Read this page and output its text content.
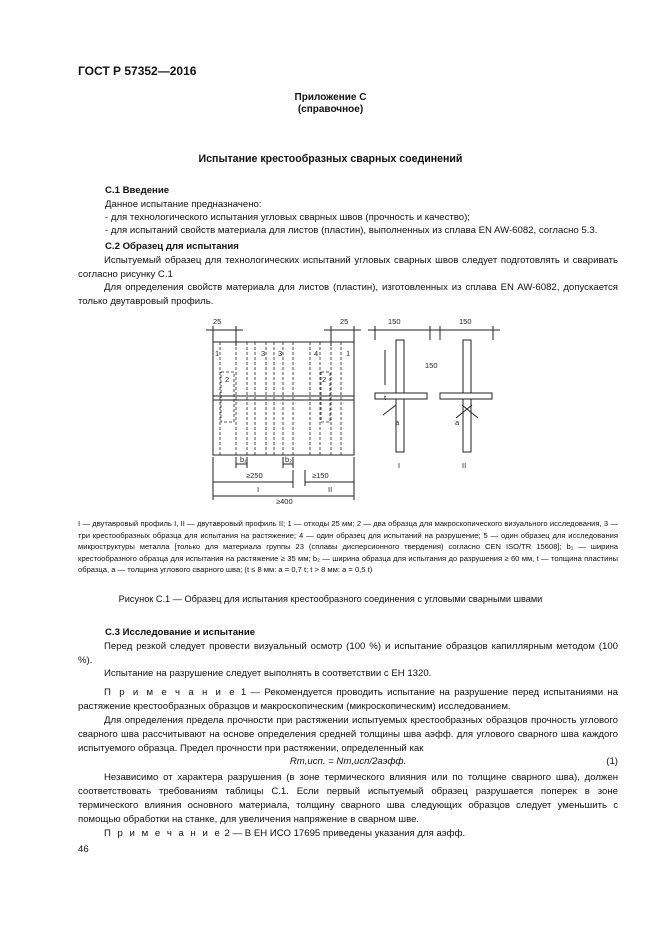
ГОСТ Р 57352—2016
Приложение С
(справочное)
Испытание крестообразных сварных соединений
С.1 Введение
Данное испытание предназначено:
- для технологического испытания угловых сварных швов (прочность и качество);
- для испытаний свойств материала для листов (пластин), выполненных из сплава EN AW-6082, согласно 5.3.
С.2 Образец для испытания
Испытуемый образец для технологических испытаний угловых сварных швов следует подготовлять и сваривать согласно рисунку С.1
Для определения свойств материала для листов (пластин), изготовленных из сплава EN AW-6082, допускается только двутавровый профиль.
25	25	150	150
150
t
b₁	b₂
≥250	≥150
≥400
a	a
1	3 3	4	1
2	2
I	II
I	II
I — двутавровый профиль I, II — двутавровый профиль II; 1 — отходы 25 мм; 2 — два образца для макроскопического визуального исследования, 3 — три крестообразных образца для испытания на растяжение; 4 — один образец для испытаний на разрушение; 5 — один образец для исследования микроструктуры металла [только для материала группы 23 (сплавы дисперсионного твердения) согласно CEN ISO/TR 15608]; b₁ — ширина крестообразного образца для испытания на растяжение ≥ 35 мм; b₂ — ширина образца для испытания до разрушения ≥ 60 мм, t — толщина пластины образца, a — толщина углового сварного шва; (t ≤ 8 мм: a = 0,7 t; t > 8 мм: a = 0,5 t)
Рисунок С.1 — Образец для испытания крестообразного соединения с угловыми сварными швами
С.3 Исследование и испытание
Перед резкой следует провести визуальный осмотр (100 %) и испытание образцов капиллярным методом (100 %).
Испытание на разрушение следует выполнять в соответствии с ЕН 1320.
П р и м е ч а н и е 1 — Рекомендуется проводить испытание на разрушение перед испытаниями на растяжение крестообразных образцов и макроскопическим (микроскопическим) исследованием.
Для определения предела прочности при растяжении испытуемых крестообразных образцов прочность углового сварного шва рассчитывают на основе определения средней толщины шва aэфф. для углового сварного шва каждого испытуемого образца. Предел прочности при растяжении, определенный как
Rm,исп. = Nm,исп/2aэфф.	(1)
Независимо от характера разрушения (в зоне термического влияния или по толщине сварного шва), должен соответствовать требованиям таблицы С.1. Если первый испытуемый образец разрушается поперек в зоне термического влияния основного материала, толщину сварного шва следующих образцов следует уменьшить с помощью обработки на станке, для увеличения напряжение в сварном шве.
П р и м е ч а н и е 2 — В ЕН ИСО 17695 приведены указания для aэфф.
46
